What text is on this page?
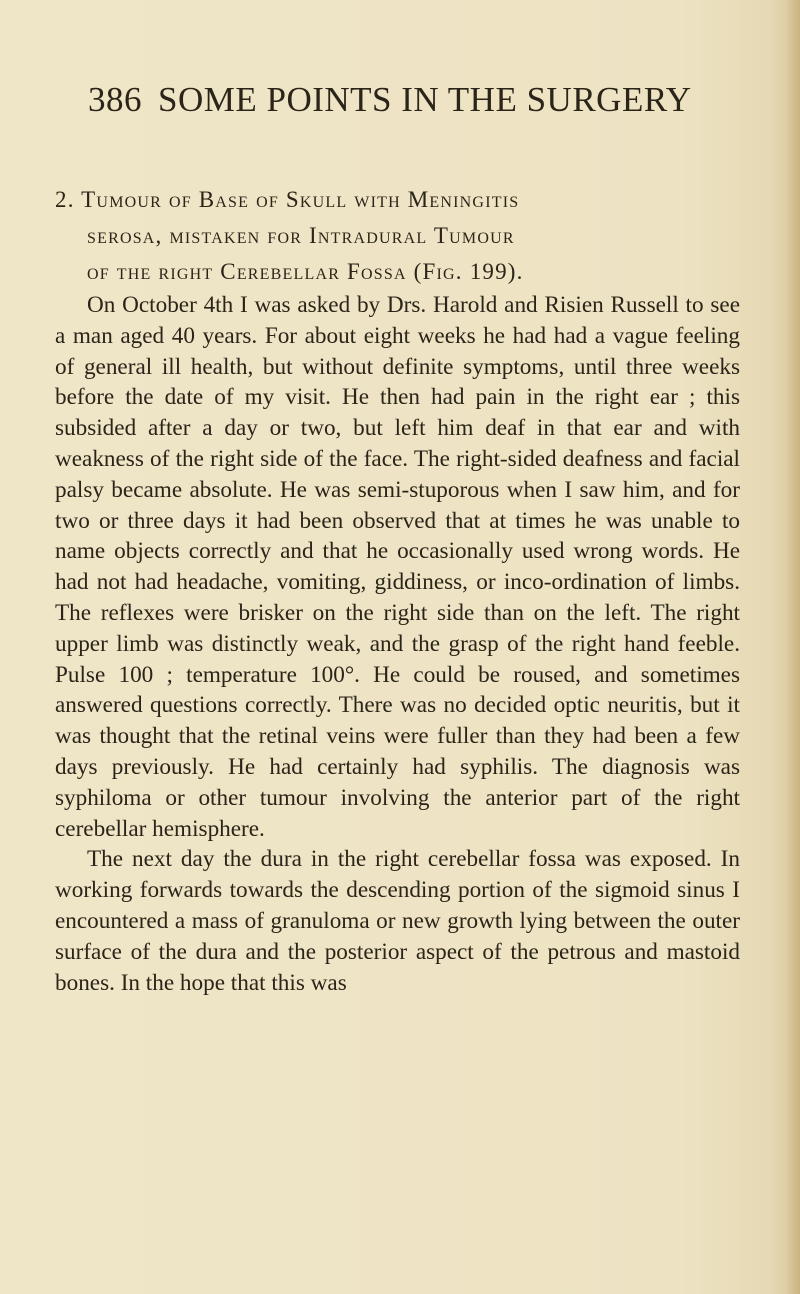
386 SOME POINTS IN THE SURGERY
2. Tumour of Base of Skull with Meningitis
serosa, mistaken for Intradural Tumour
of the right Cerebellar Fossa (Fig. 199).

On October 4th I was asked by Drs. Harold and Risien Russell to see a man aged 40 years. For about eight weeks he had had a vague feeling of general ill health, but without definite symptoms, until three weeks before the date of my visit. He then had pain in the right ear ; this subsided after a day or two, but left him deaf in that ear and with weakness of the right side of the face. The right-sided deafness and facial palsy became absolute. He was semi-stuporous when I saw him, and for two or three days it had been observed that at times he was unable to name objects correctly and that he occasionally used wrong words. He had not had headache, vomiting, giddiness, or inco-ordination of limbs. The reflexes were brisker on the right side than on the left. The right upper limb was distinctly weak, and the grasp of the right hand feeble. Pulse 100 ; temperature 100°. He could be roused, and sometimes answered questions correctly. There was no decided optic neuritis, but it was thought that the retinal veins were fuller than they had been a few days previously. He had certainly had syphilis. The diagnosis was syphiloma or other tumour involving the anterior part of the right cerebellar hemisphere.

The next day the dura in the right cerebellar fossa was exposed. In working forwards towards the descending portion of the sigmoid sinus I encountered a mass of granuloma or new growth lying between the outer surface of the dura and the posterior aspect of the petrous and mastoid bones. In the hope that this was
